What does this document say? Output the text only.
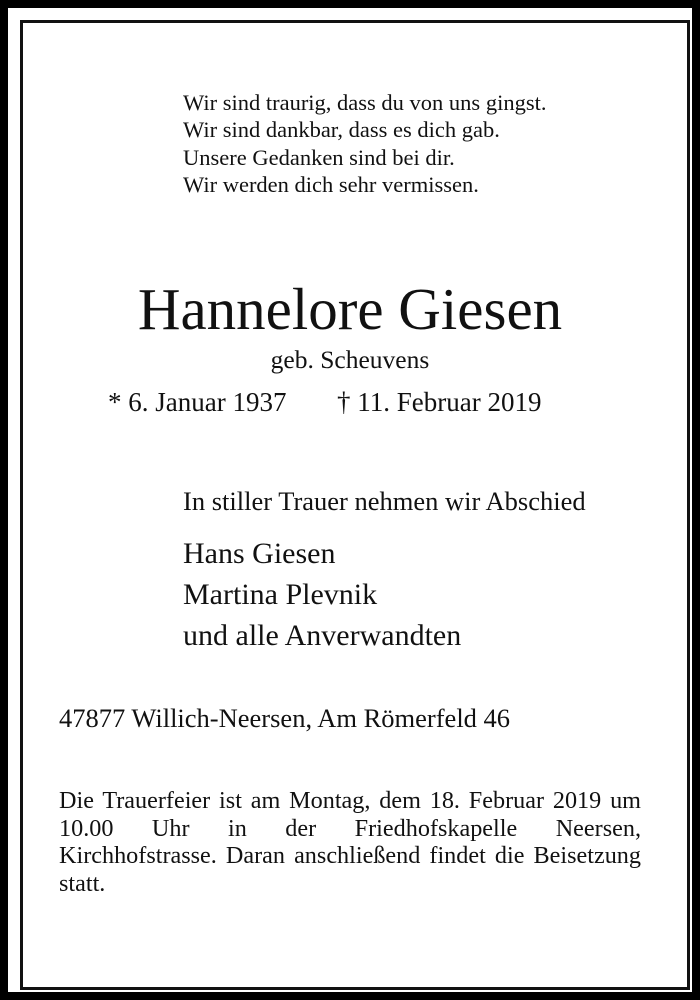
Wir sind traurig, dass du von uns gingst.
Wir sind dankbar, dass es dich gab.
Unsere Gedanken sind bei dir.
Wir werden dich sehr vermissen.
Hannelore Giesen
geb. Scheuvens
* 6. Januar 1937 † 11. Februar 2019
In stiller Trauer nehmen wir Abschied
Hans Giesen
Martina Plevnik
und alle Anverwandten
47877 Willich-Neersen, Am Römerfeld 46

Die Trauerfeier ist am Montag, dem 18. Februar 2019 um 10.00 Uhr in der Friedhofskapelle Neersen, Kirchhofstrasse. Daran anschließend findet die Beisetzung statt.
